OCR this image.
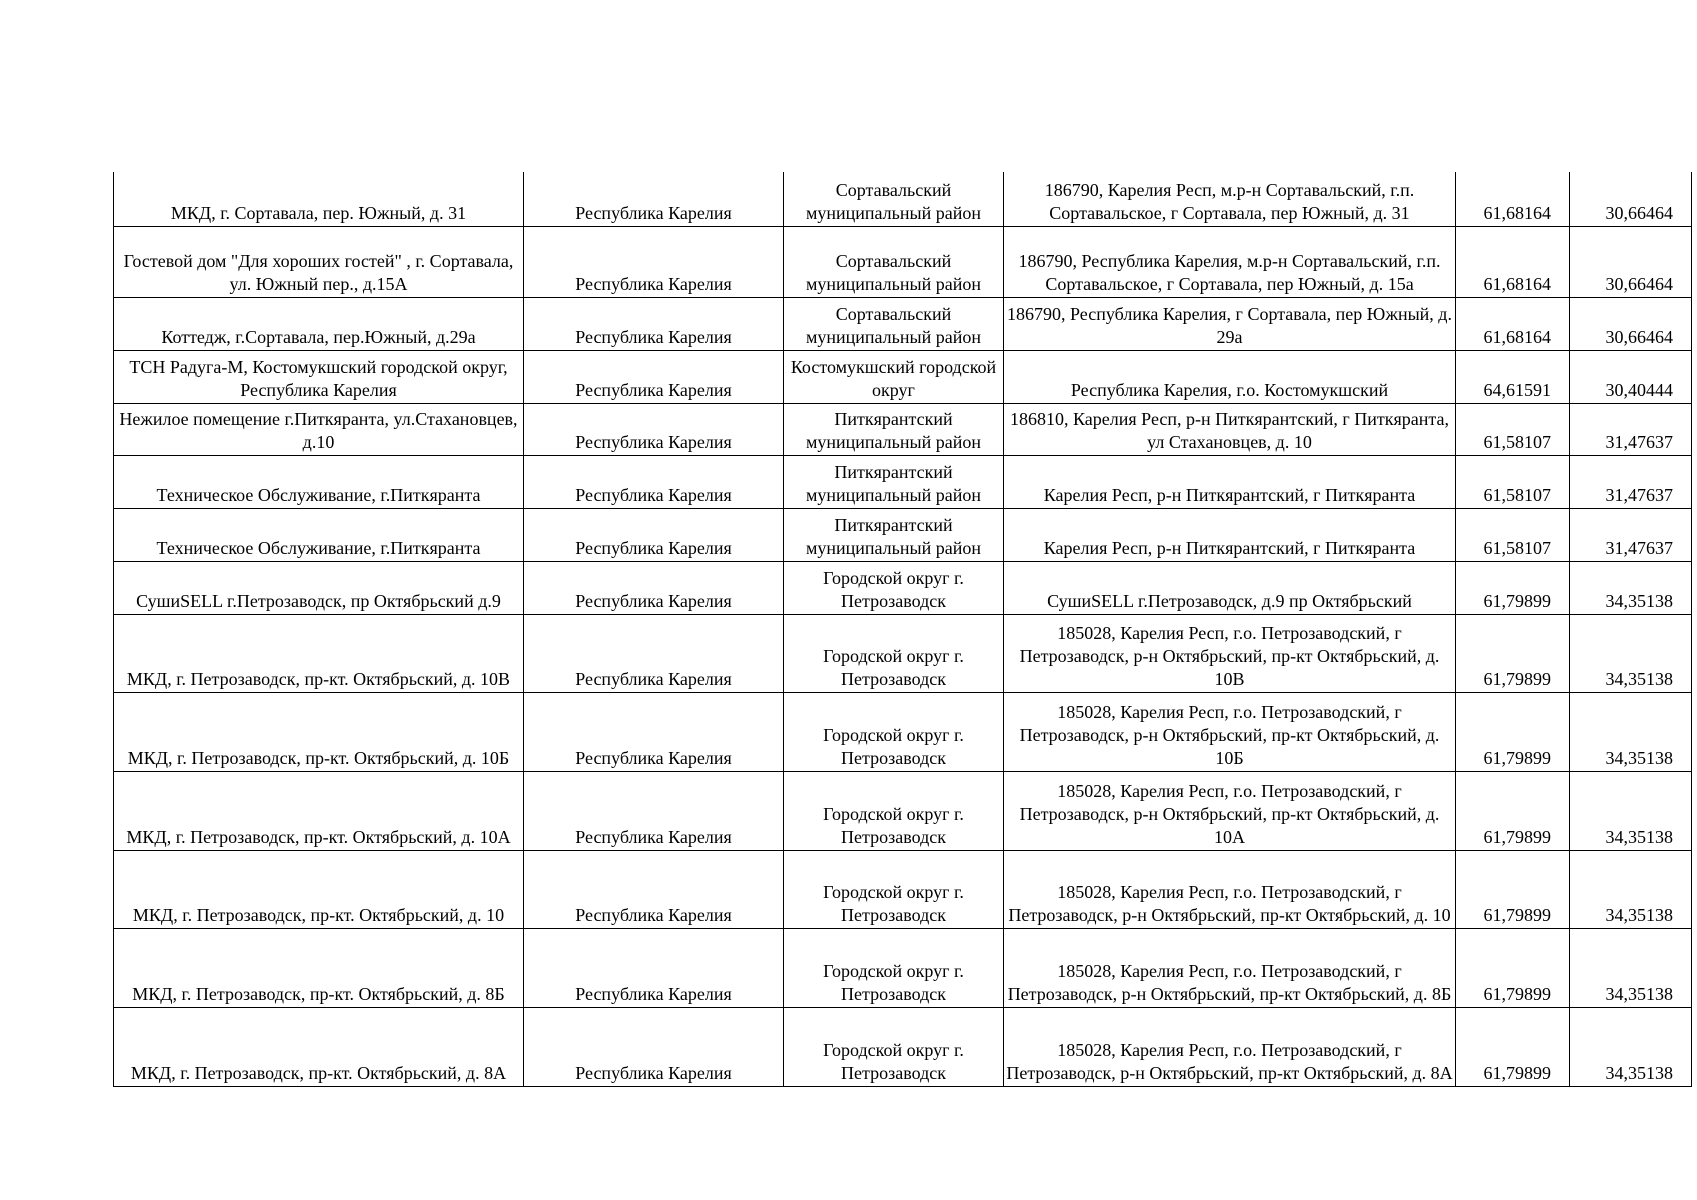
МКД, г. Сортавала, пер. Южный, д. 31	Республика Карелия	Сортавальский муниципальный район	186790, Карелия Респ, м.р-н Сортавальский, г.п. Сортавальское, г Сортавала, пер Южный, д. 31	61,68164	30,66464
Гостевой дом "Для хороших гостей" , г. Сортавала, ул. Южный пер., д.15А	Республика Карелия	Сортавальский муниципальный район	186790, Республика Карелия, м.р-н Сортавальский, г.п. Сортавальское, г Сортавала, пер Южный, д. 15а	61,68164	30,66464
Коттедж, г.Сортавала, пер.Южный, д.29а	Республика Карелия	Сортавальский муниципальный район	186790, Республика Карелия, г Сортавала, пер Южный, д. 29а	61,68164	30,66464
ТСН Радуга-М, Костомукшский городской округ, Республика Карелия	Республика Карелия	Костомукшский городской округ	Республика Карелия, г.о. Костомукшский	64,61591	30,40444
Нежилое помещение г.Питкяранта, ул.Стахановцев, д.10	Республика Карелия	Питкярантский муниципальный район	186810, Карелия Респ, р-н Питкярантский, г Питкяранта, ул Стахановцев, д. 10	61,58107	31,47637
Техническое Обслуживание, г.Питкяранта	Республика Карелия	Питкярантский муниципальный район	Карелия Респ, р-н Питкярантский, г Питкяранта	61,58107	31,47637
Техническое Обслуживание, г.Питкяранта	Республика Карелия	Питкярантский муниципальный район	Карелия Респ, р-н Питкярантский, г Питкяранта	61,58107	31,47637
СушиSELL г.Петрозаводск, пр Октябрьский д.9	Республика Карелия	Городской округ г. Петрозаводск	СушиSELL г.Петрозаводск, д.9 пр Октябрьский	61,79899	34,35138
МКД, г. Петрозаводск, пр-кт. Октябрьский, д. 10В	Республика Карелия	Городской округ г. Петрозаводск	185028, Карелия Респ, г.о. Петрозаводский, г Петрозаводск, р-н Октябрьский, пр-кт Октябрьский, д. 10В	61,79899	34,35138
МКД, г. Петрозаводск, пр-кт. Октябрьский, д. 10Б	Республика Карелия	Городской округ г. Петрозаводск	185028, Карелия Респ, г.о. Петрозаводский, г Петрозаводск, р-н Октябрьский, пр-кт Октябрьский, д. 10Б	61,79899	34,35138
МКД, г. Петрозаводск, пр-кт. Октябрьский, д. 10А	Республика Карелия	Городской округ г. Петрозаводск	185028, Карелия Респ, г.о. Петрозаводский, г Петрозаводск, р-н Октябрьский, пр-кт Октябрьский, д. 10А	61,79899	34,35138
МКД, г. Петрозаводск, пр-кт. Октябрьский, д. 10	Республика Карелия	Городской округ г. Петрозаводск	185028, Карелия Респ, г.о. Петрозаводский, г Петрозаводск, р-н Октябрьский, пр-кт Октябрьский, д. 10	61,79899	34,35138
МКД, г. Петрозаводск, пр-кт. Октябрьский, д. 8Б	Республика Карелия	Городской округ г. Петрозаводск	185028, Карелия Респ, г.о. Петрозаводский, г Петрозаводск, р-н Октябрьский, пр-кт Октябрьский, д. 8Б	61,79899	34,35138
МКД, г. Петрозаводск, пр-кт. Октябрьский, д. 8А	Республика Карелия	Городской округ г. Петрозаводск	185028, Карелия Респ, г.о. Петрозаводский, г Петрозаводск, р-н Октябрьский, пр-кт Октябрьский, д. 8А	61,79899	34,35138
